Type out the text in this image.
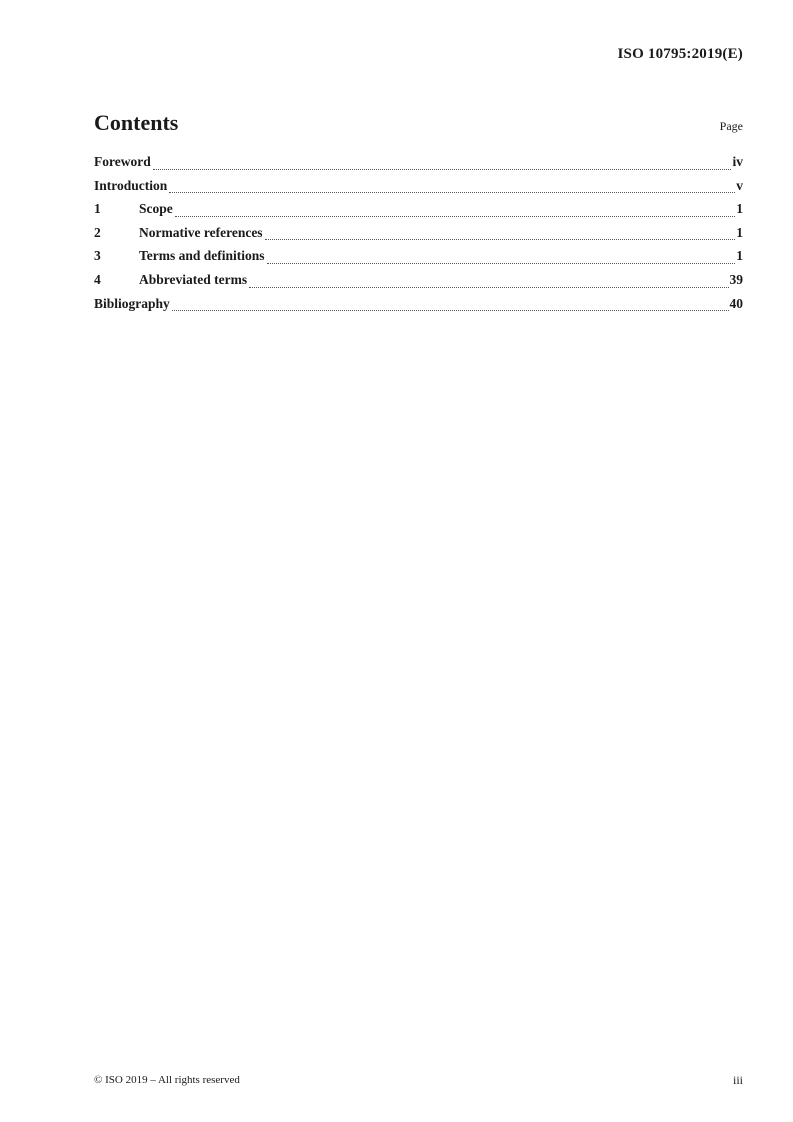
ISO 10795:2019(E)
Contents	Page
Foreword	iv
Introduction	v
1	Scope	1
2	Normative references	1
3	Terms and definitions	1
4	Abbreviated terms	39
Bibliography	40
© ISO 2019 – All rights reserved	iii
